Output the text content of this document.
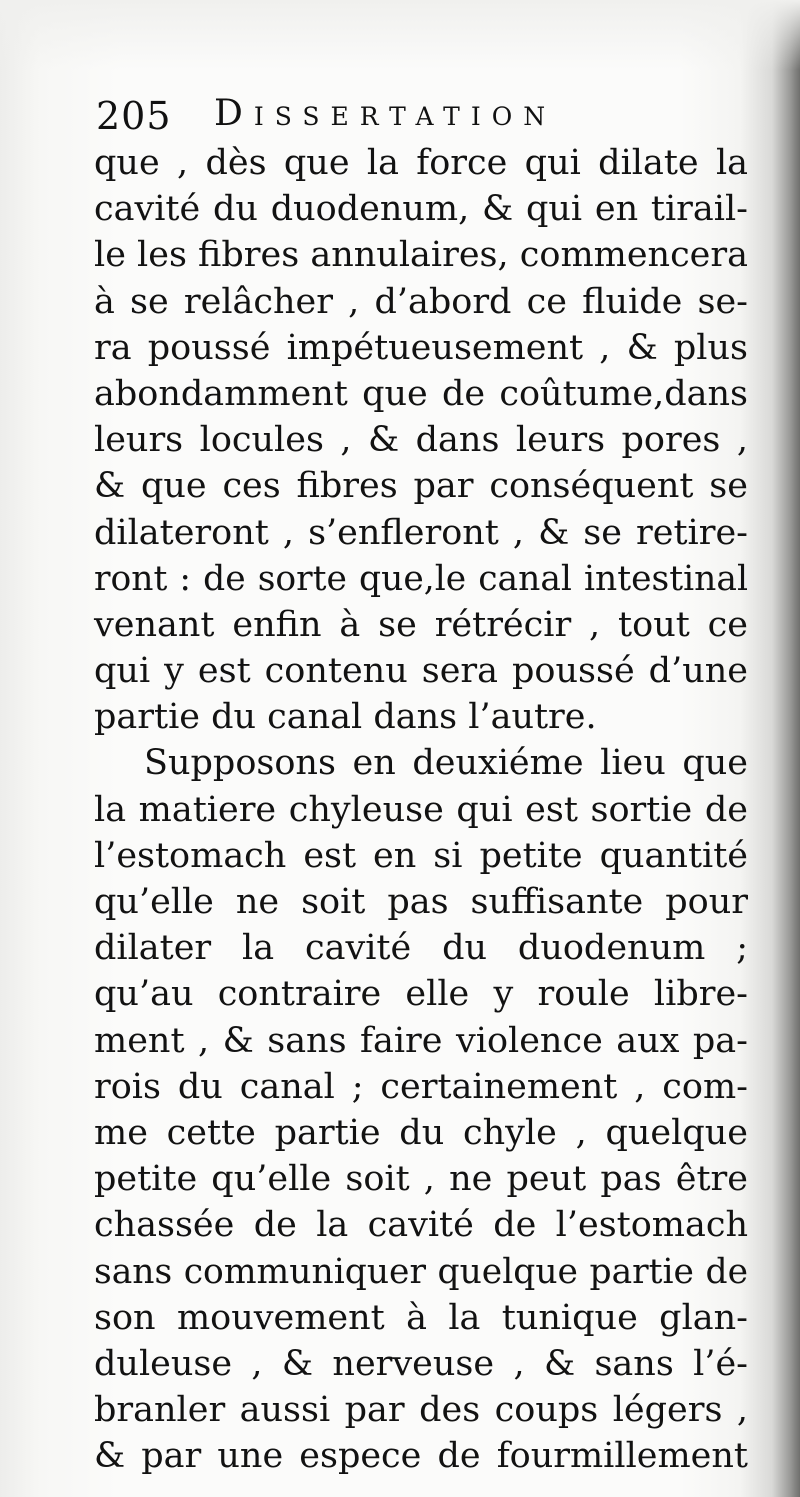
205 Dissertation
que , dès que la force qui dilate la
cavité du duodenum, & qui en tirail-
le les fibres annulaires, commencera
à se relâcher , d’abord ce fluide se-
ra poussé impétueusement , & plus
abondamment que de coûtume,dans
leurs locules , & dans leurs pores ,
& que ces fibres par conséquent se
dilateront , s’enfleront , & se retire-
ront : de sorte que,le canal intestinal
venant enfin à se rétrécir , tout ce
qui y est contenu sera poussé d’une
partie du canal dans l’autre.
Supposons en deuxiéme lieu que
la matiere chyleuse qui est sortie de
l’estomach est en si petite quantité
qu’elle ne soit pas suffisante pour
dilater la cavité du duodenum ;
qu’au contraire elle y roule libre-
ment , & sans faire violence aux pa-
rois du canal ; certainement , com-
me cette partie du chyle , quelque
petite qu’elle soit , ne peut pas être
chassée de la cavité de l’estomach
sans communiquer quelque partie de
son mouvement à la tunique glan-
duleuse , & nerveuse , & sans l’é-
branler aussi par des coups légers ,
& par une espece de fourmillement
